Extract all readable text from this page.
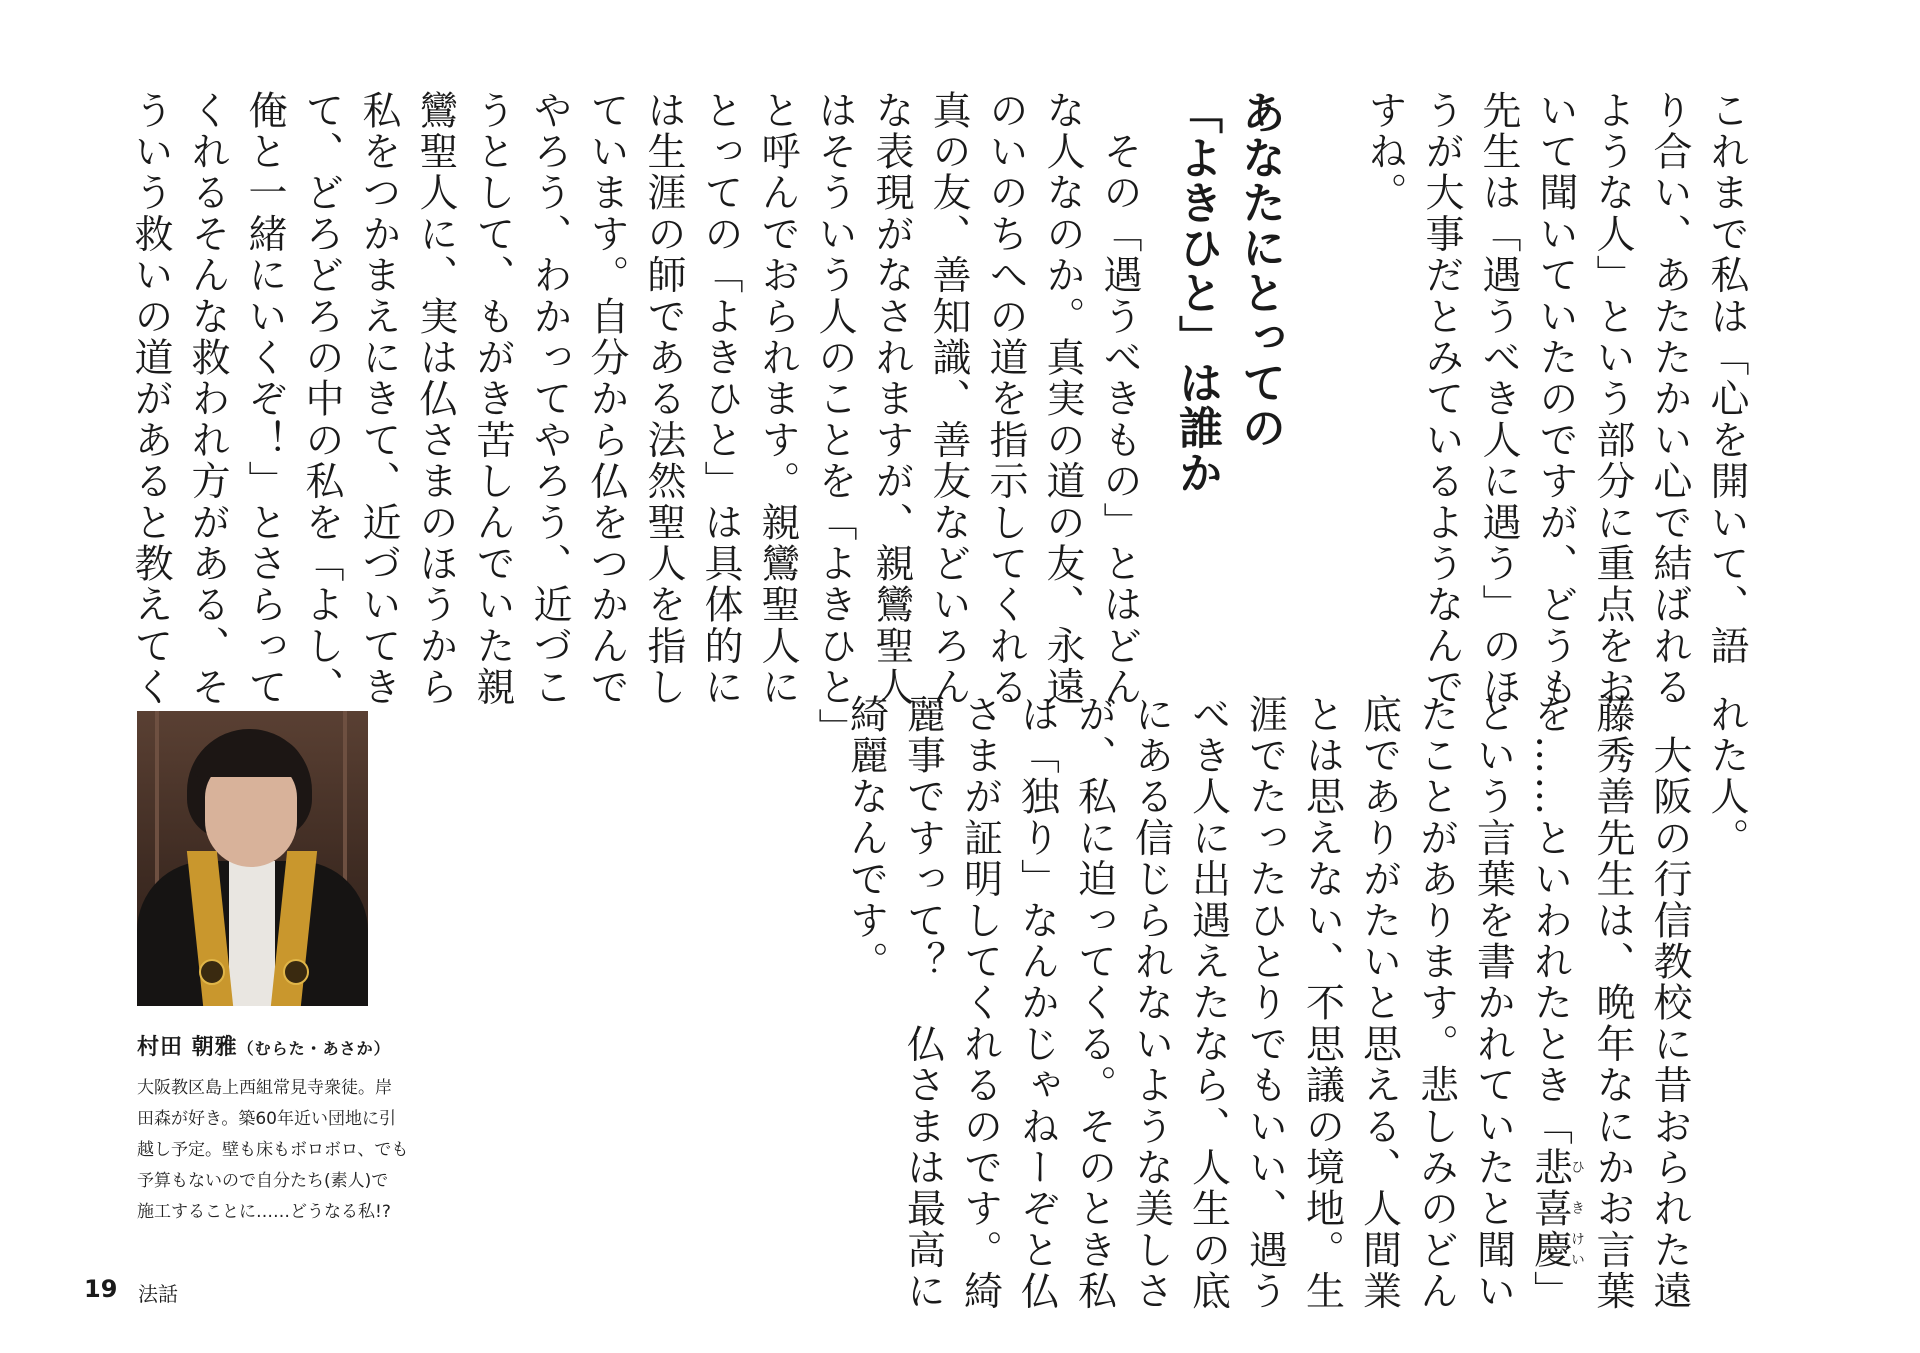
これまで私は「心を開いて、語
り合い、あたたかい心で結ばれる
ような人」という部分に重点をお
いて聞いていたのですが、どうも
先生は「遇うべき人に遇う」のほ
うが大事だとみているようなんで
すね。
あなたにとっての
「よきひと」は誰か
　その「遇うべきもの」とはどん
な人なのか。真実の道の友、永遠
のいのちへの道を指示してくれる
真の友、善知識、善友などいろん
な表現がなされますが、親鸞聖人
はそういう人のことを「よきひと」
と呼んでおられます。親鸞聖人に
とっての「よきひと」は具体的に
は生涯の師である法然聖人を指し
ています。自分から仏をつかんで
やろう、わかってやろう、近づこ
うとして、もがき苦しんでいた親
鸞聖人に、実は仏さまのほうから
私をつかまえにきて、近づいてき
て、どろどろの中の私を「よし、
俺と一緒にいくぞ！」とさらって
くれるそんな救われ方がある、そ
ういう救いの道があると教えてく
れた人。
　大阪の行信教校に昔おられた遠
藤秀善先生は、晩年なにかお言葉
を……といわれたとき「悲ひ喜き慶けい」
という言葉を書かれていたと聞い
たことがあります。悲しみのどん
底でありがたいと思える、人間業
とは思えない、不思議の境地。生
涯でたったひとりでもいい、遇う
べき人に出遇えたなら、人生の底
にある信じられないような美しさ
が、私に迫ってくる。そのとき私
は「独り」なんかじゃねーぞと仏
さまが証明してくれるのです。綺
麗事ですって？　仏さまは最高に
綺麗なんです。
村田 朝雅（むらた・あさか）
大阪教区島上西組常見寺衆徒。岸
田森が好き。築60年近い団地に引
越し予定。壁も床もボロボロ、でも
予算もないので自分たち(素人)で
施工することに……どうなる私!?
19 法話
